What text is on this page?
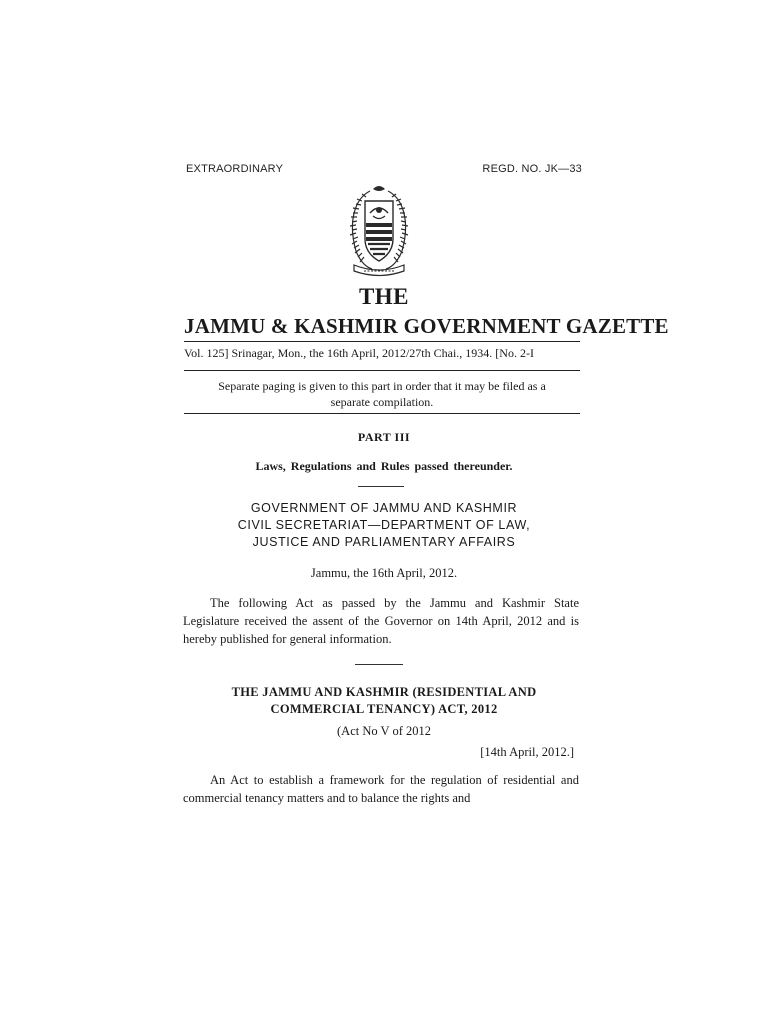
EXTRAORDINARY	REGD. NO. JK—33
THE
JAMMU & KASHMIR GOVERNMENT GAZETTE
Vol. 125] Srinagar, Mon., the 16th April, 2012/27th Chai., 1934. [No. 2-I
Separate paging is given to this part in order that it may be filed as a
separate compilation.
PART III
Laws, Regulations and Rules passed thereunder.
GOVERNMENT OF JAMMU AND KASHMIR
CIVIL SECRETARIAT—DEPARTMENT OF LAW,
JUSTICE AND PARLIAMENTARY AFFAIRS
Jammu, the 16th April, 2012.
The following Act as passed by the Jammu and Kashmir State Legislature received the assent of the Governor on 14th April, 2012 and is hereby published for general information.
THE JAMMU AND KASHMIR (RESIDENTIAL AND
COMMERCIAL TENANCY) ACT, 2012
(Act No V of 2012
[14th April, 2012.]
An Act to establish a framework for the regulation of residential and commercial tenancy matters and to balance the rights and
